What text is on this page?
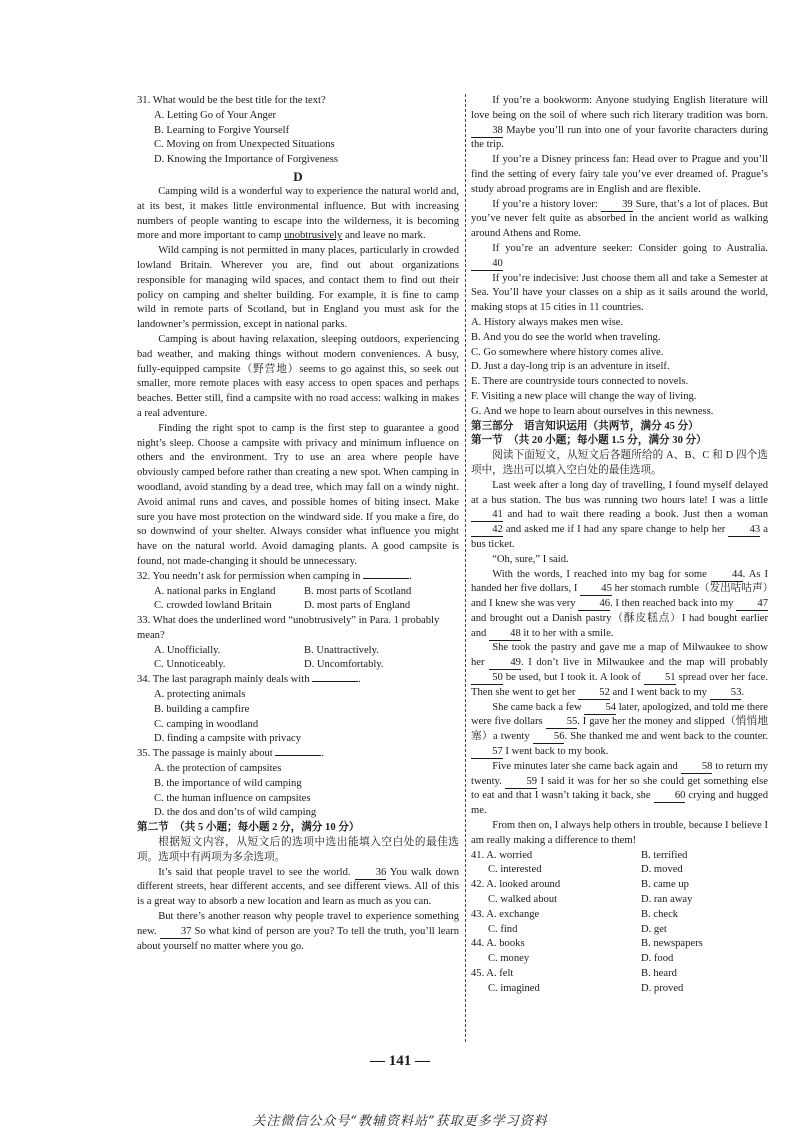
31. What would be the best title for the text?

A. Letting Go of Your Anger

B. Learning to Forgive Yourself

C. Moving on from Unexpected Situations

D. Knowing the Importance of Forgiveness

D

Camping wild is a wonderful way to experience the natural world and, at its best, it makes little environmental influence. But with increasing numbers of people wanting to escape into the wilderness, it is becoming more and more important to camp unobtrusively and leave no mark.

Wild camping is not permitted in many places, particularly in crowded lowland Britain. Wherever you are, find out about organizations responsible for managing wild spaces, and contact them to find out their policy on camping and shelter building. For example, it is fine to camp wild in remote parts of Scotland, but in England you must ask for the landowner’s permission, except in national parks.

Camping is about having relaxation, sleeping outdoors, experiencing bad weather, and making things without modern conveniences. A busy, fully-equipped campsite（野营地）seems to go against this, so seek out smaller, more remote places with easy access to open spaces and perhaps beaches. Better still, find a campsite with no road access: walking in makes a real adventure.

Finding the right spot to camp is the first step to guarantee a good night’s sleep. Choose a campsite with privacy and minimum influence on others and the environment. Try to use an area where people have obviously camped before rather than creating a new spot. When camping in woodland, avoid standing by a dead tree, which may fall on a windy night. Avoid animal runs and caves, and possible homes of biting insect. Make sure you have most protection on the windward side. If you make a fire, do so downwind of your shelter. Always consider what influence you might have on the natural world. Avoid damaging plants. A good campsite is found, not made-changing it should be unnecessary.

32. You needn’t ask for permission when camping in	.

A. national parks in England	B. most parts of Scotland
C. crowded lowland Britain	D. most parts of England

33. What does the underlined word “unobtrusively” in Para. 1 probably mean?

A. Unofficially.	B. Unattractively.
C. Unnoticeably.	D. Uncomfortably.

34. The last paragraph mainly deals with	.

A. protecting animals

B. building a campfire

C. camping in woodland

D. finding a campsite with privacy

35. The passage is mainly about	.

A. the protection of campsites

B. the importance of wild camping

C. the human influence on campsites

D. the dos and don’ts of wild camping

第二节　（共 5 小题；每小题 2 分，满分 10 分）

根据短文内容，从短文后的选项中选出能填入空白处的最佳选项。选项中有两项为多余选项。

It’s said that people travel to see the world. 36 You walk down different streets, hear different accents, and see different views. All of this is a great way to absorb a new location and learn as much as you can.

But there’s another reason why people travel to experience something new. 37 So what kind of person are you? To tell the truth, you’ll learn about yourself no matter where you go.

If you’re a bookworm: Anyone studying English literature will love being on the soil of where such rich literary tradition was born. 38 Maybe you’ll run into one of your favorite characters during the trip.

If you’re a Disney princess fan: Head over to Prague and you’ll find the setting of every fairy tale you’ve ever dreamed of. Prague’s study abroad programs are in English and are flexible.

If you’re a history lover: 39 Sure, that’s a lot of places. But you’ve never felt quite as absorbed in the ancient world as walking around Athens and Rome.

If you’re an adventure seeker: Consider going to Australia. 40

If you’re indecisive: Just choose them all and take a Semester at Sea. You’ll have your classes on a ship as it sails around the world, making stops at 15 cities in 11 countries.

A. History always makes men wise.

B. And you do see the world when traveling.

C. Go somewhere where history comes alive.

D. Just a day-long trip is an adventure in itself.

E. There are countryside tours connected to novels.

F. Visiting a new place will change the way of living.

G. And we hope to learn about ourselves in this newness.

第三部分　语言知识运用（共两节，满分 45 分）

第一节　（共 20 小题；每小题 1.5 分，满分 30 分）

阅读下面短文，从短文后各题所给的 A、B、C 和 D 四个选项中，选出可以填入空白处的最佳选项。

Last week after a long day of travelling, I found myself delayed at a bus station. The bus was running two hours late! I was a little 41 and had to wait there reading a book. Just then a woman 42 and asked me if I had any spare change to help her 43 a bus ticket.

“Oh, sure,” I said.

With the words, I reached into my bag for some 44. As I handed her five dollars, I 45 her stomach rumble（发出咕咕声）and I knew she was very 46. I then reached back into my 47 and brought out a Danish pastry（酥皮糕点）I had bought earlier and 48 it to her with a smile.

She took the pastry and gave me a map of Milwaukee to show her 49. I don’t live in Milwaukee and the map will probably 50 be used, but I took it. A look of 51 spread over her face. Then she went to get her 52 and I went back to my 53.

She came back a few 54 later, apologized, and told me there were five dollars 55. I gave her the money and slipped（悄悄地塞）a twenty 56. She thanked me and went back to the counter. 57 I went back to my book.

Five minutes later she came back again and 58 to return my twenty. 59 I said it was for her so she could get something else to eat and that I wasn’t taking it back, she 60 crying and hugged me.

From then on, I always help others in trouble, because I believe I am really making a difference to them!

41. A. worried	B. terrified
C. interested	D. moved
42. A. looked around	B. came up
C. walked about	D. ran away
43. A. exchange	B. check
C. find	D. get
44. A. books	B. newspapers
C. money	D. food
45. A. felt	B. heard
C. imagined	D. proved
— 141 —
关注微信公众号“教辅资料站”获取更多学习资料
